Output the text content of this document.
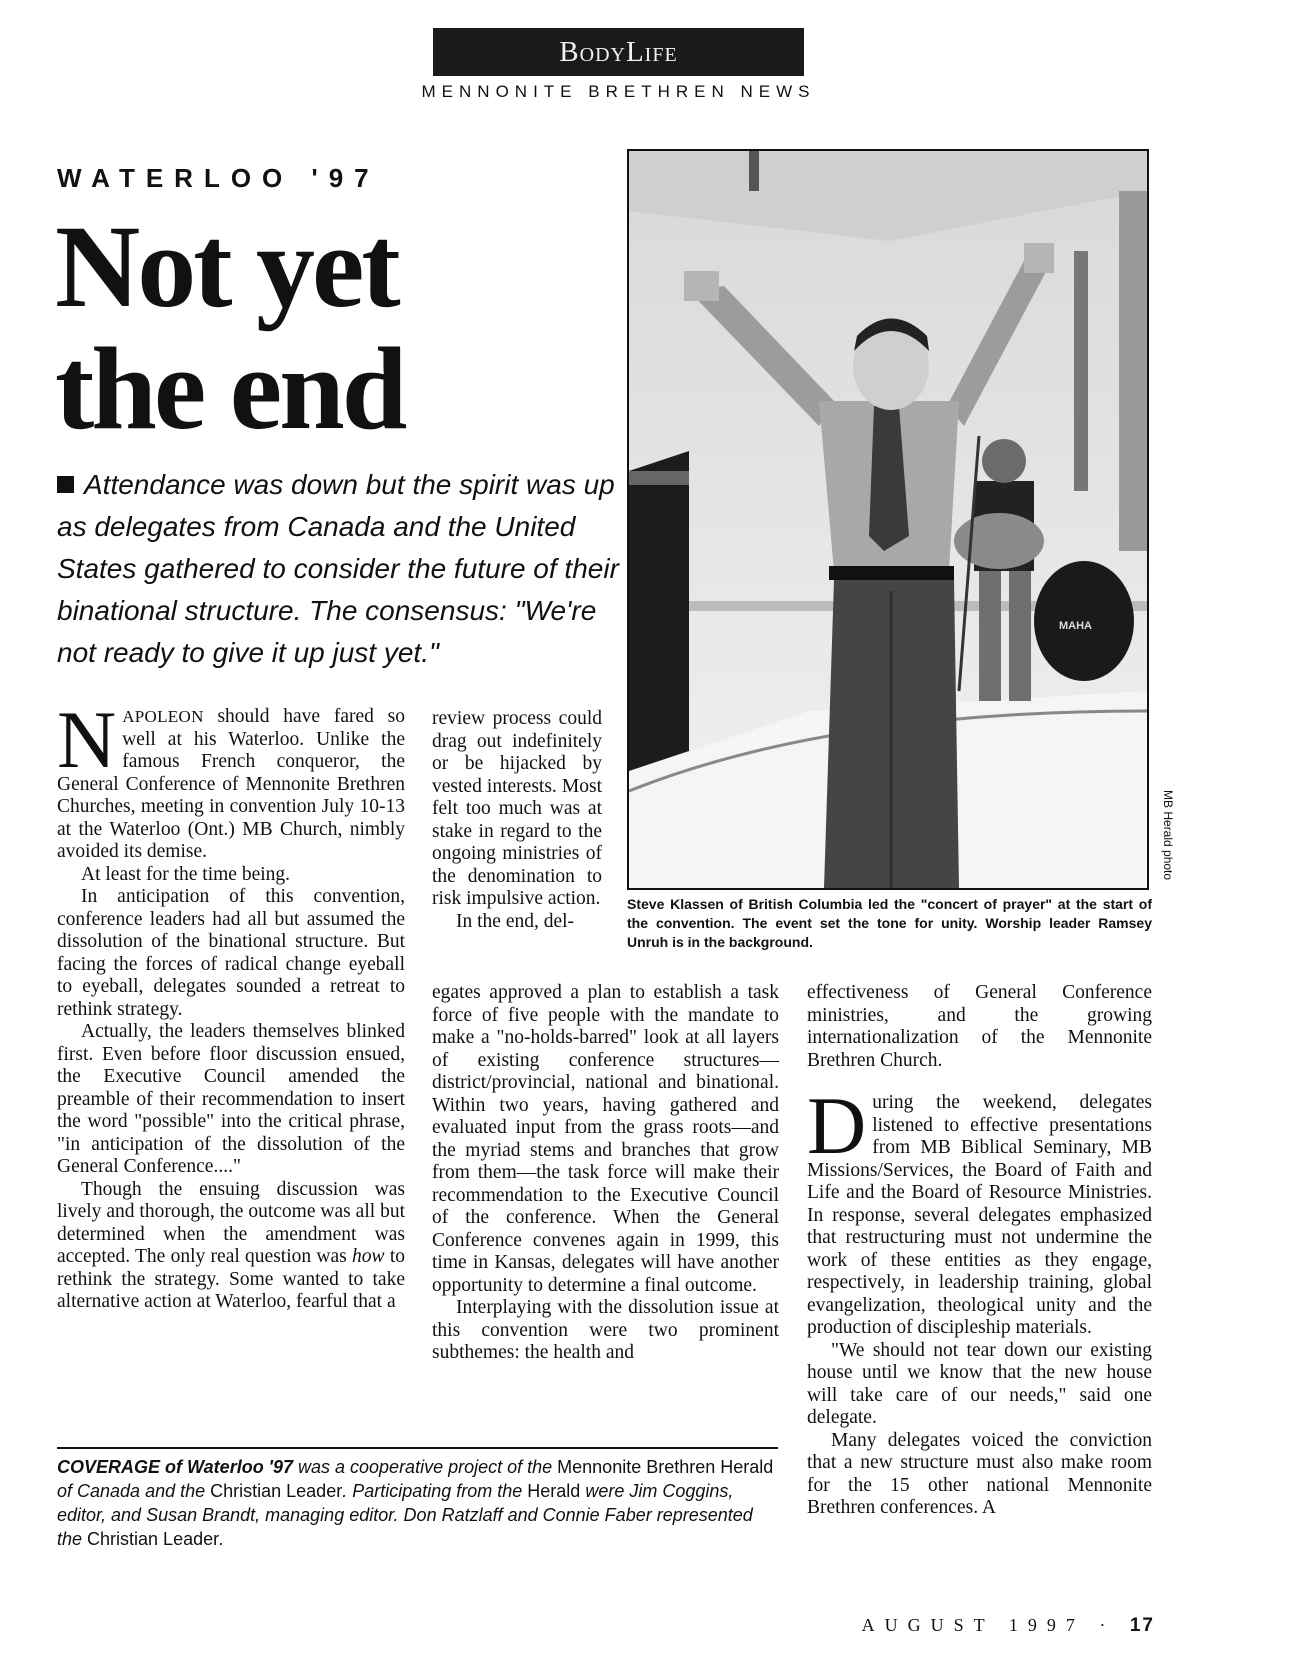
BodyLife
MENNONITE BRETHREN NEWS
WATERLOO '97
Not yet
the end
Attendance was down but the spirit was up as delegates from Canada and the United States gathered to consider the future of their binational structure. The consensus: "We're not ready to give it up just yet."
MAHA
MB Herald photo
Steve Klassen of British Columbia led the "concert of prayer" at the start of the convention. The event set the tone for unity. Worship leader Ramsey Unruh is in the background.

NAPOLEON should have fared so well at his Waterloo. Unlike the famous French conqueror, the General Conference of Mennonite Brethren Churches, meeting in convention July 10-13 at the Waterloo (Ont.) MB Church, nimbly avoided its demise.

At least for the time being.

In anticipation of this convention, conference leaders had all but assumed the dissolution of the binational structure. But facing the forces of radical change eyeball to eyeball, delegates sounded a retreat to rethink strategy.

Actually, the leaders themselves blinked first. Even before floor discussion ensued, the Executive Council amended the preamble of their recommendation to insert the word "possible" into the critical phrase, "in anticipation of the dissolution of the General Conference...."

Though the ensuing discussion was lively and thorough, the outcome was all but determined when the amendment was accepted. The only real question was how to rethink the strategy. Some wanted to take alternative action at Waterloo, fearful that a

review process could drag out indefinitely or be hijacked by vested interests. Most felt too much was at stake in regard to the ongoing ministries of the denomination to risk impulsive action.

In the end, del-

egates approved a plan to establish a task force of five people with the mandate to make a "no-holds-barred" look at all layers of existing conference structures—district/provincial, national and binational. Within two years, having gathered and evaluated input from the grass roots—and the myriad stems and branches that grow from them—the task force will make their recommendation to the Executive Council of the conference. When the General Conference convenes again in 1999, this time in Kansas, delegates will have another opportunity to determine a final outcome.

Interplaying with the dissolution issue at this convention were two prominent subthemes: the health and

effectiveness of General Conference ministries, and the growing internationalization of the Mennonite Brethren Church.

During the weekend, delegates listened to effective presentations from MB Biblical Seminary, MB Missions/Services, the Board of Faith and Life and the Board of Resource Ministries. In response, several delegates emphasized that restructuring must not undermine the work of these entities as they engage, respectively, in leadership training, global evangelization, theological unity and the production of discipleship materials.

"We should not tear down our existing house until we know that the new house will take care of our needs," said one delegate.

Many delegates voiced the conviction that a new structure must also make room for the 15 other national Mennonite Brethren conferences. A

COVERAGE of Waterloo '97 was a cooperative project of the Mennonite Brethren Herald of Canada and the Christian Leader. Participating from the Herald were Jim Coggins, editor, and Susan Brandt, managing editor. Don Ratzlaff and Connie Faber represented the Christian Leader.
AUGUST 1997 · 17
